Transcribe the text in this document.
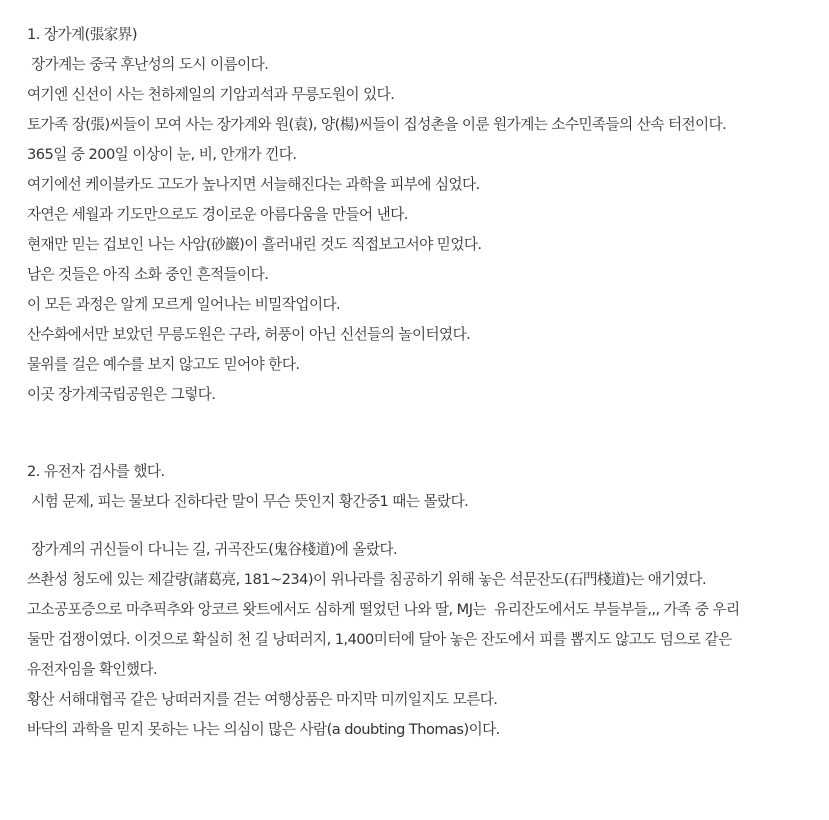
1. 장가계(張家界)

장가계는 중국 후난성의 도시 이름이다.

여기엔 신선이 사는 천하제일의 기암괴석과 무릉도원이 있다.

토가족 장(張)씨들이 모여 사는 장가계와 원(袁), 양(楊)씨들이 집성촌을 이룬 원가계는 소수민족들의 산속 터전이다.

365일 중 200일 이상이 눈, 비, 안개가 낀다.

여기에선 케이블카도 고도가 높나지면 서늘해진다는 과학을 피부에 심었다.

자연은 세월과 기도만으로도 경이로운 아름다움을 만들어 낸다.

현재만 믿는 겁보인 나는 사암(砂巖)이 흘러내린 것도 직접보고서야 믿었다.

남은 것들은 아직 소화 중인 흔적들이다.

이 모든 과정은 알게 모르게 일어나는 비밀작업이다.

산수화에서만 보았던 무릉도원은 구라, 허풍이 아닌 신선들의 놀이터였다.

물위를 걸은 예수를 보지 않고도 믿어야 한다.

이곳 장가계국립공원은 그렇다.

2. 유전자 검사를 했다.

시험 문제, 피는 물보다 진하다란 말이 무슨 뜻인지 황간중1 때는 몰랐다.

장가계의 귀신들이 다니는 길, 귀곡잔도(鬼谷棧道)에 올랐다.

쓰촨성 청도에 있는 제갈량(諸葛亮, 181~234)이 위나라를 침공하기 위해 놓은 석문잔도(石門棧道)는 애기였다.

고소공포증으로 마추픽추와 앙코르 왓트에서도 심하게 떨었던 나와 딸, MJ는  유리잔도에서도 부들부들,,, 가족 중 우리 둘만 겁쟁이였다. 이것으로 확실히 천 길 낭떠러지, 1,400미터에 달아 놓은 잔도에서 피를 뽑지도 않고도 덤으로 같은 유전자임을 확인했다.

황산 서해대협곡 같은 낭떠러지를 걷는 여행상품은 마지막 미끼일지도 모른다.

바닥의 과학을 믿지 못하는 나는 의심이 많은 사람(a doubting Thomas)이다.
